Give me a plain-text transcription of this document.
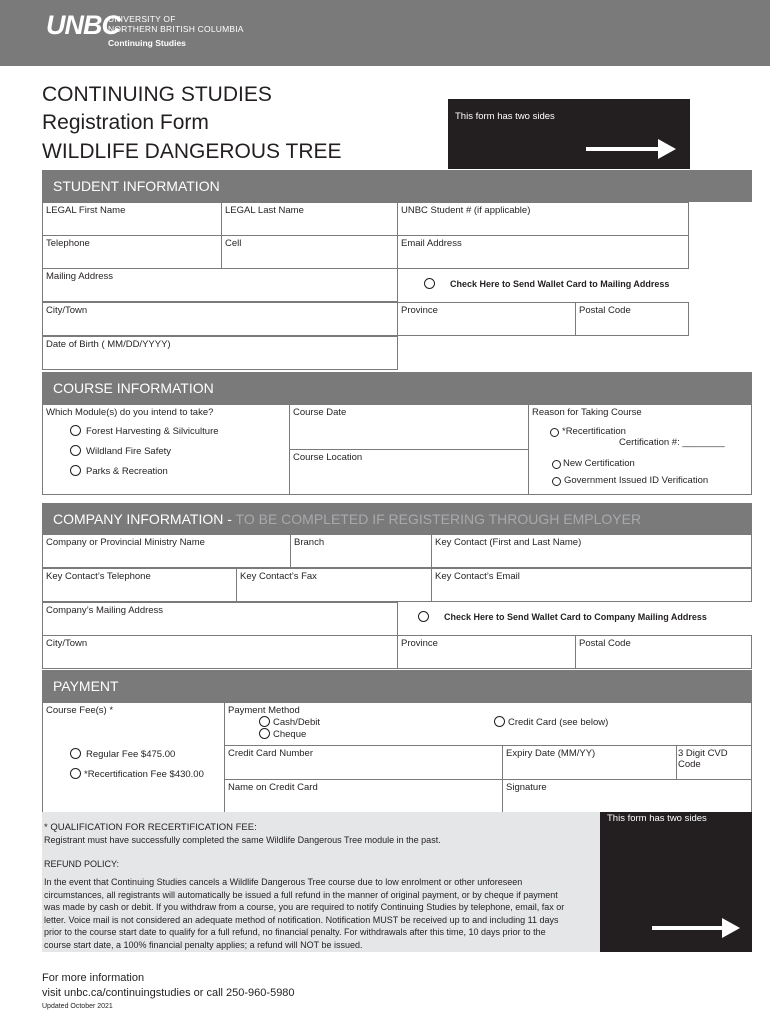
UNBC
UNIVERSITY OF
NORTHERN BRITISH COLUMBIA
Continuing Studies
CONTINUING STUDIES
Registration Form
WILDLIFE DANGEROUS TREE
This form has two sides
STUDENT INFORMATION
LEGAL First Name	LEGAL Last Name	UNBC Student # (if applicable)
Telephone	Cell	Email Address
Mailing Address
Check Here to Send Wallet Card to Mailing Address
City/Town	Province	Postal Code
Date of Birth ( MM/DD/YYYY)
COURSE INFORMATION
Which Module(s) do you intend to take?
Forest Harvesting & Silviculture
Wildland Fire Safety
Parks & Recreation
Course Date
Course Location
Reason for Taking Course
*Recertification
Certification #: ________
New Certification
Government Issued ID Verification
COMPANY INFORMATION - TO BE COMPLETED IF REGISTERING THROUGH EMPLOYER
Company or Provincial Ministry Name	Branch	Key Contact (First and Last Name)
Key Contact’s Telephone	Key Contact’s Fax	Key Contact’s Email
Company’s Mailing Address
Check Here to Send Wallet Card to Company Mailing Address
City/Town	Province	Postal Code
PAYMENT
Course Fee(s) *
Regular Fee $475.00
*Recertification Fee $430.00
Payment Method
Cash/Debit
Cheque
Credit Card (see below)
Credit Card Number	Expiry Date (MM/YY)	3 Digit CVD Code
Name on Credit Card	Signature
* QUALIFICATION FOR RECERTIFICATION FEE:
Registrant must have successfully completed the same Wildlife Dangerous Tree module in the past.
REFUND POLICY:
In the event that Continuing Studies cancels a Wildlife Dangerous Tree course due to low enrolment or other unforeseen
circumstances, all registrants will automatically be issued a full refund in the manner of original payment, or by cheque if payment
was made by cash or debit. If you withdraw from a course, you are required to notify Continuing Studies by telephone, email, fax or
letter. Voice mail is not considered an adequate method of notification. Notification MUST be received up to and including 11 days
prior to the course start date to qualify for a full refund, no financial penalty. For withdrawals after this time, 10 days prior to the
course start date, a 100% financial penalty applies; a refund will NOT be issued.
This form has two sides
For more information
visit unbc.ca/continuingstudies or call 250-960-5980
Updated October 2021
